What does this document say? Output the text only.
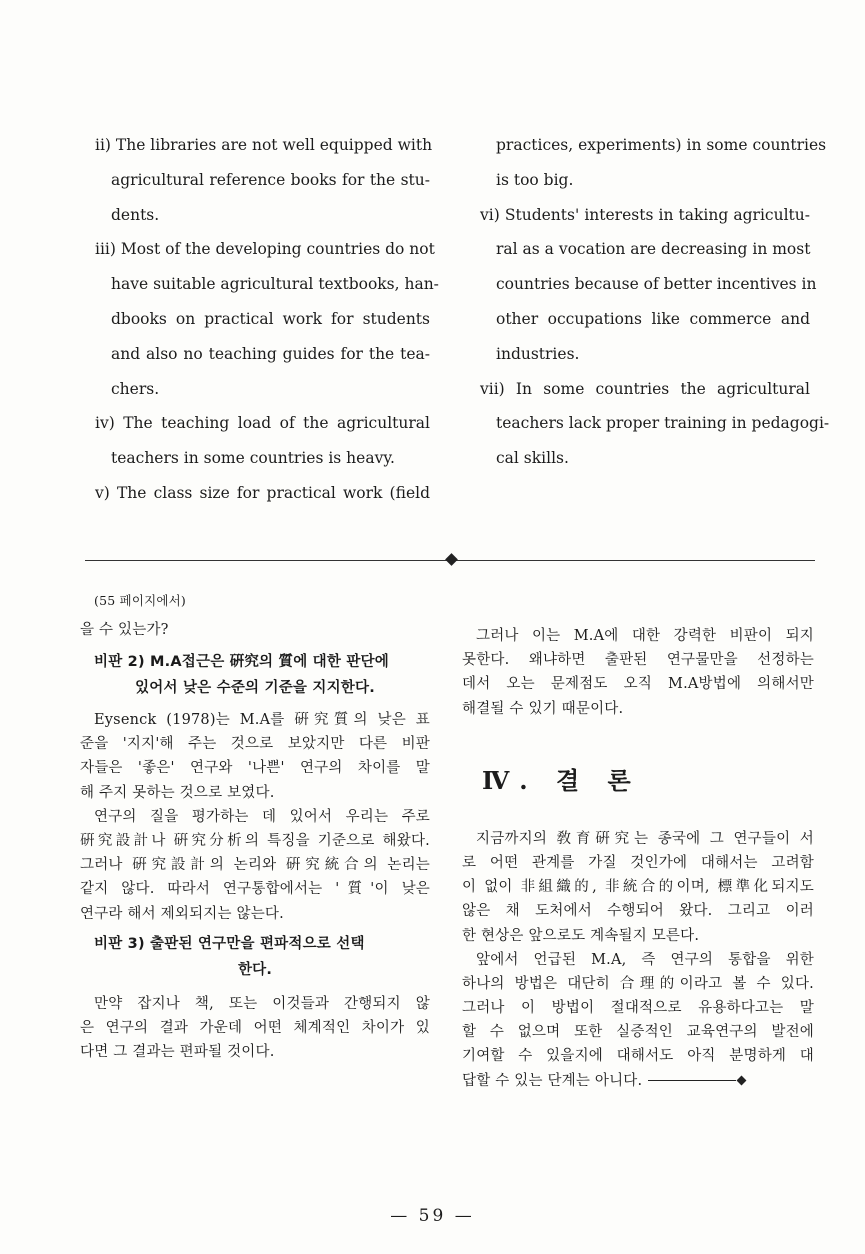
ii) The libraries are not well equipped with
agricultural reference books for the stu-
dents.
iii) Most of the developing countries do not
have suitable agricultural textbooks, han-
dbooks on practical work for students
and also no teaching guides for the tea-
chers.
iv) The teaching load of the agricultural
teachers in some countries is heavy.
v) The class size for practical work (field
practices, experiments) in some countries
is too big.
vi) Students' interests in taking agricultu-
ral as a vocation are decreasing in most
countries because of better incentives in
other occupations like commerce and
industries.
vii) In some countries the agricultural
teachers lack proper training in pedagogi-
cal skills.
(55 페이지에서)
을 수 있는가?
비판 2) M.A접근은 硏究의 質에 대한 판단에
있어서 낮은 수준의 기준을 지지한다.
Eysenck (1978)는 M.A를 硏究質의 낮은 표
준을 '지지'해 주는 것으로 보았지만 다른 비판
자들은 '좋은' 연구와 '나쁜' 연구의 차이를 말
해 주지 못하는 것으로 보였다.
연구의 질을 평가하는 데 있어서 우리는 주로
硏究設計나 硏究分析의 특징을 기준으로 해왔다.
그러나 硏究設計의 논리와 硏究統合의 논리는
같지 않다. 따라서 연구통합에서는 '質'이 낮은
연구라 해서 제외되지는 않는다.
비판 3) 출판된 연구만을 편파적으로 선택
한다.
만약 잡지나 책, 또는 이것들과 간행되지 않
은 연구의 결과 가운데 어떤 체계적인 차이가 있
다면 그 결과는 편파될 것이다.
그러나 이는 M.A에 대한 강력한 비판이 되지
못한다. 왜냐하면 출판된 연구물만을 선정하는
데서 오는 문제점도 오직 M.A방법에 의해서만
해결될 수 있기 때문이다.
Ⅳ. 결 론
지금까지의 敎育硏究는 종국에 그 연구들이 서
로 어떤 관계를 가질 것인가에 대해서는 고려함
이 없이 非組織的, 非統合的이며, 標準化되지도
않은 채 도처에서 수행되어 왔다. 그리고 이러
한 현상은 앞으로도 계속될지 모른다.
앞에서 언급된 M.A, 즉 연구의 통합을 위한
하나의 방법은 대단히 合理的이라고 볼 수 있다.
그러나 이 방법이 절대적으로 유용하다고는 말
할 수 없으며 또한 실증적인 교육연구의 발전에
기여할 수 있을지에 대해서도 아직 분명하게 대
답할 수 있는 단계는 아니다.
— 59 —
